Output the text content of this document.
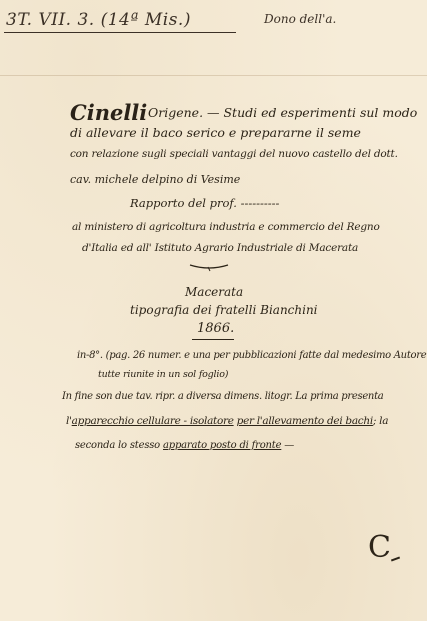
3T. VII. 3. (14ª Mis.)	Dono dell'a.
Cinelli Origene. — Studi ed esperimenti sul modo
di allevare il baco serico e prepararne il seme
con relazione sugli speciali vantaggi del nuovo castello del dott.
cav. michele delpino di Vesime
Rapporto del prof. ----------
al ministero di agricoltura industria e commercio del Regno
d'Italia ed all' Istituto Agrario Industriale di Macerata
Macerata
tipografia dei fratelli Bianchini
1866.
in-8°. (pag. 26 numer. e una per pubblicazioni fatte dal medesimo Autore
tutte riunite in un sol foglio)
In fine son due tav. ripr. a diversa dimens. litogr. La prima presenta
l'apparecchio cellulare - isolatore per l'allevamento dei bachi; la
seconda lo stesso apparato posto di fronte —
C
